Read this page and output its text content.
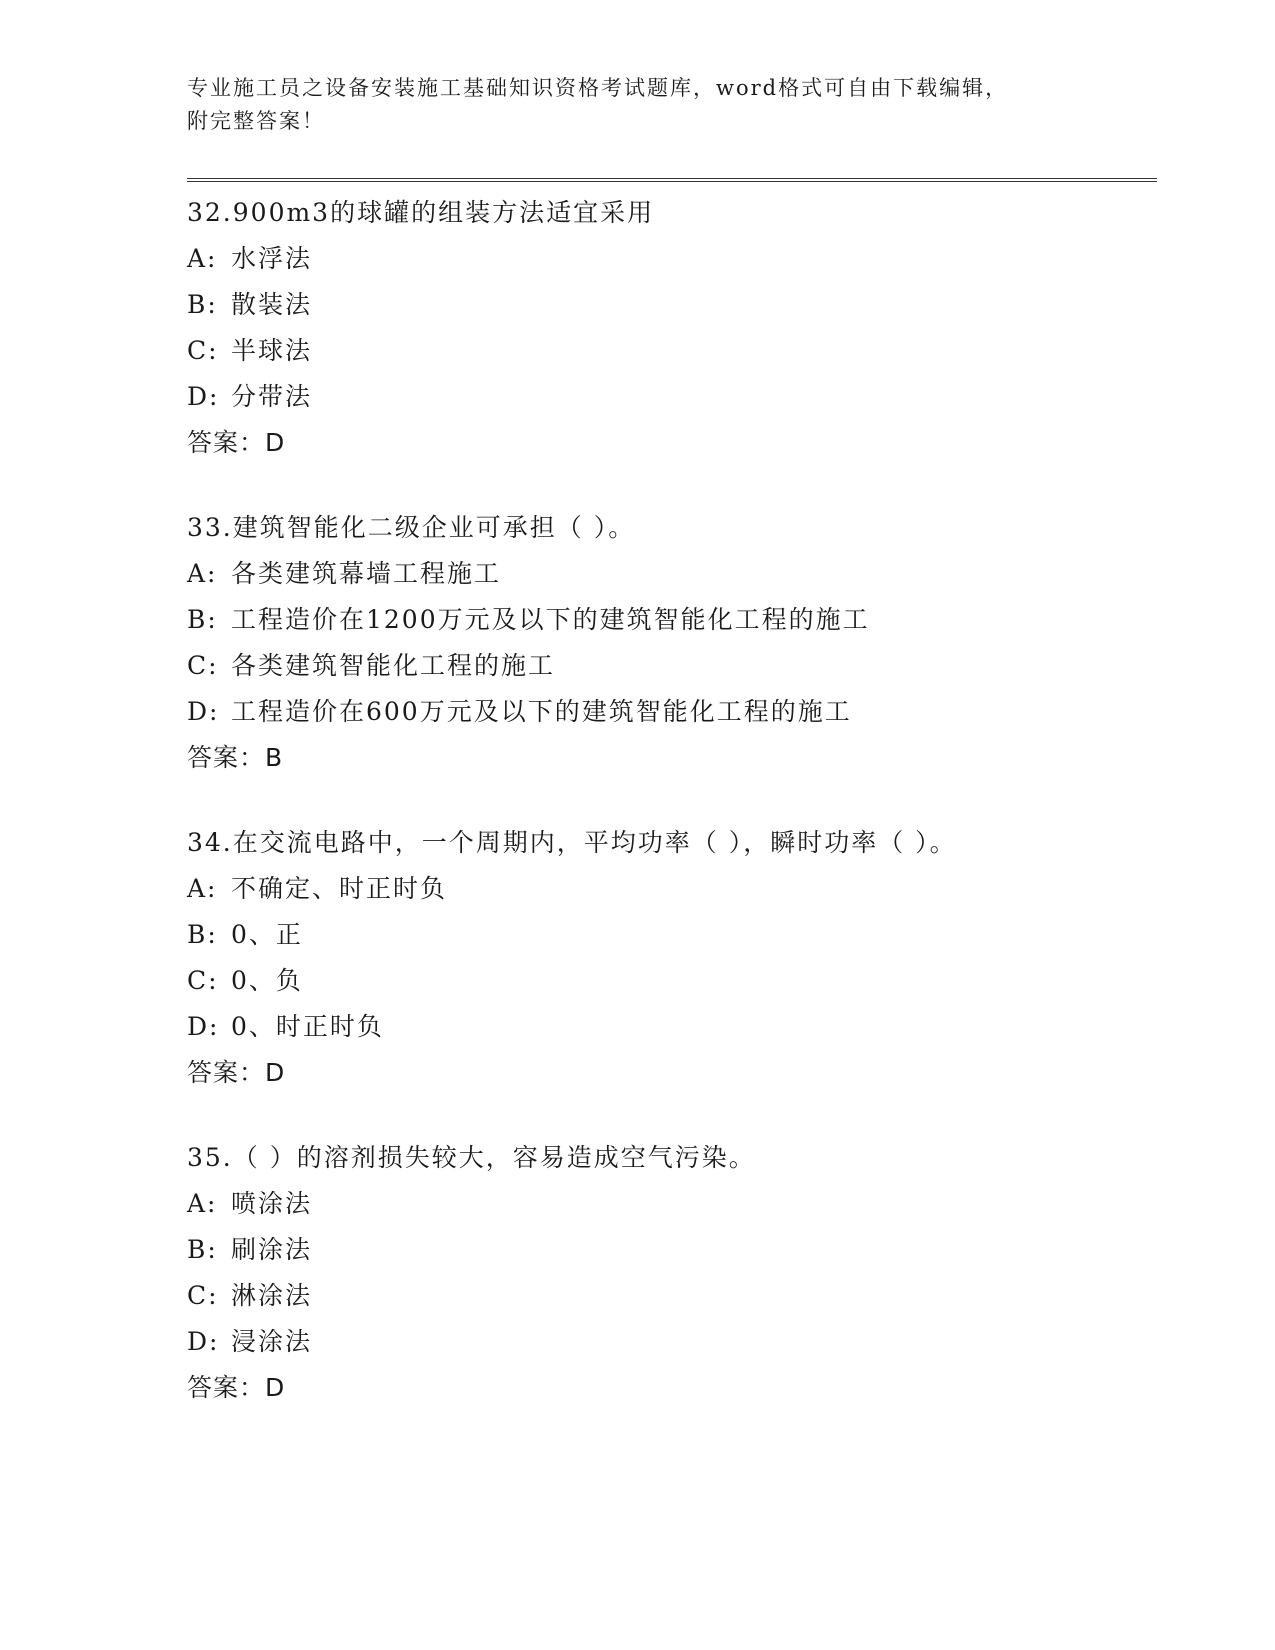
专业施工员之设备安装施工基础知识资格考试题库，word格式可自由下载编辑，
附完整答案！
32.900m3的球罐的组装方法适宜采用
A: 水浮法
B: 散装法
C: 半球法
D: 分带法
答案：D
33.建筑智能化二级企业可承担（ ）。
A: 各类建筑幕墙工程施工
B: 工程造价在1200万元及以下的建筑智能化工程的施工
C: 各类建筑智能化工程的施工
D: 工程造价在600万元及以下的建筑智能化工程的施工
答案：B
34.在交流电路中，一个周期内，平均功率（ ），瞬时功率（ ）。
A: 不确定、时正时负
B: 0、正
C: 0、负
D: 0、时正时负
答案：D
35.（ ）的溶剂损失较大，容易造成空气污染。
A: 喷涂法
B: 刷涂法
C: 淋涂法
D: 浸涂法
答案：D
